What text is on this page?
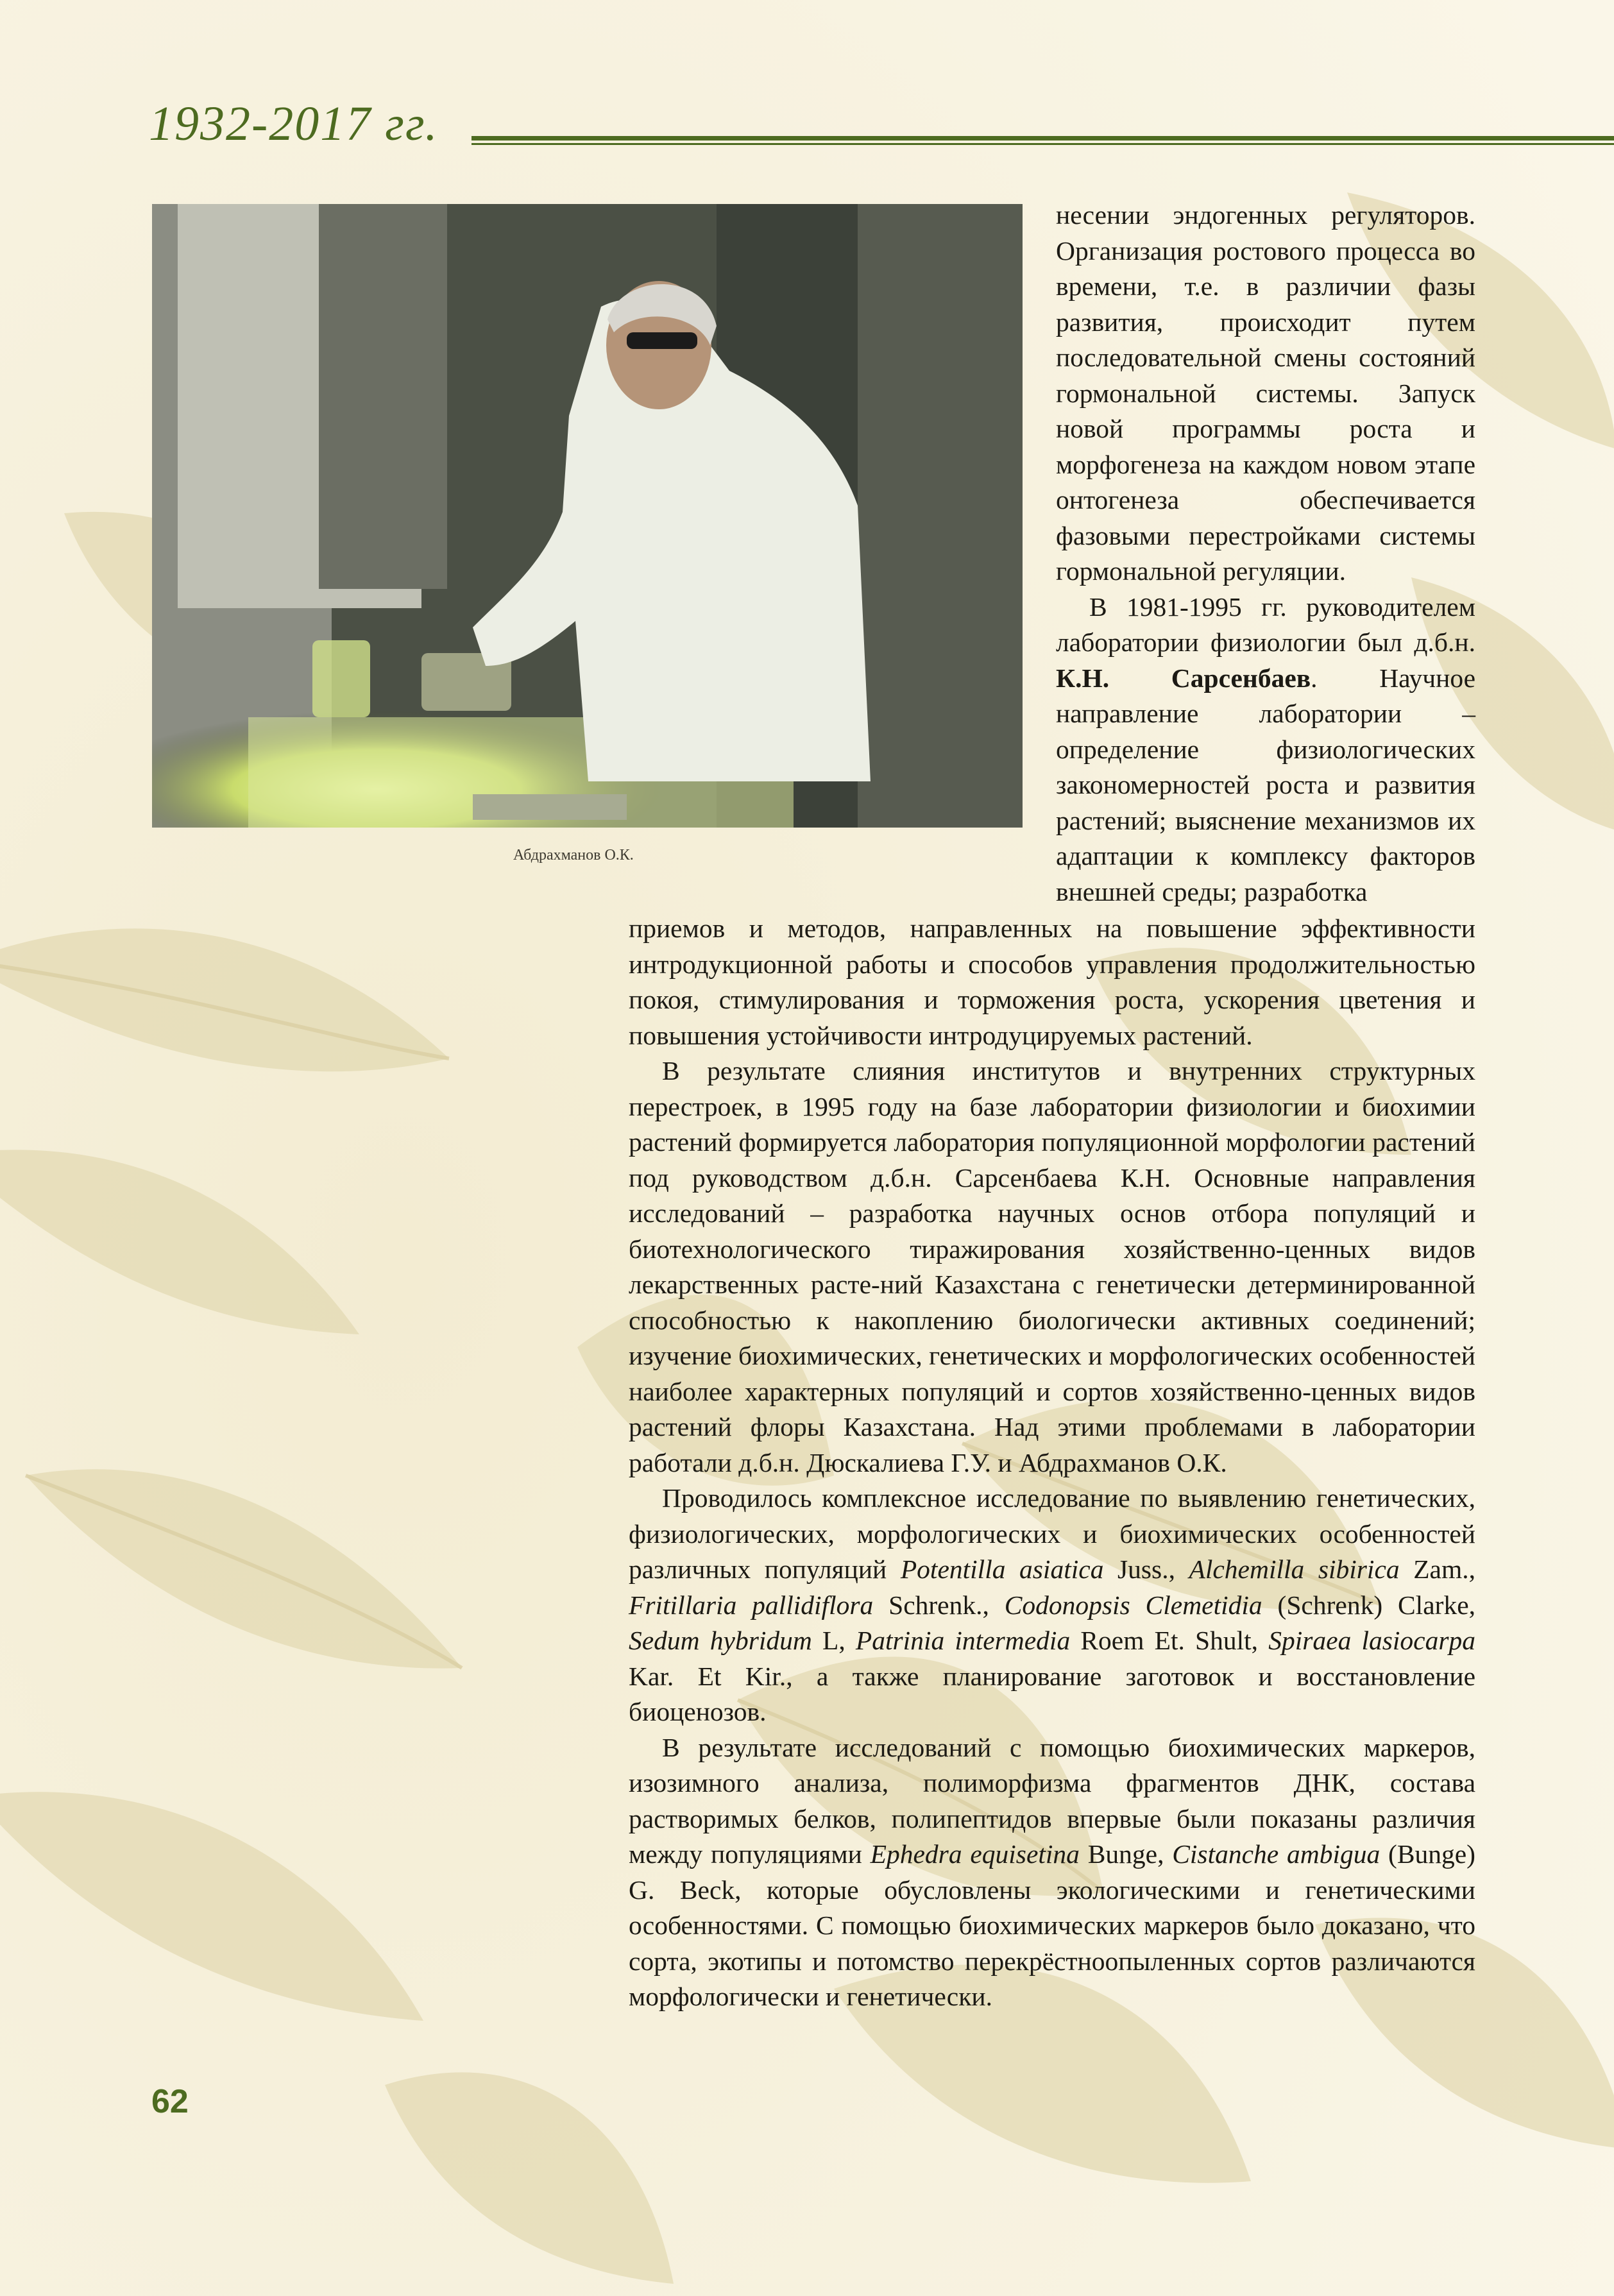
1932-2017 гг.
Абдрахманов О.К.

несении эндогенных регуляторов. Организация ростового процесса во времени, т.е. в различии фазы развития, происходит путем последовательной смены состояний гормональной системы. Запуск новой программы роста и морфогенеза на каждом новом этапе онтогенеза обеспечивается фазовыми перестройками системы гормональной регуляции.

В 1981-1995 гг. руководителем лаборатории физиологии был д.б.н. К.Н. Сарсенбаев. Научное направление лаборатории – определение физиологических закономерностей роста и развития растений; выяснение механизмов их адаптации к комплексу факторов внешней среды; разработка

приемов и методов, направленных на повышение эффективности интродукционной работы и способов управления продолжительностью покоя, стимулирования и торможения роста, ускорения цветения и повышения устойчивости интродуцируемых растений.

В результате слияния институтов и внутренних структурных перестроек, в 1995 году на базе лаборатории физиологии и биохимии растений формируется лаборатория популяционной морфологии растений под руководством д.б.н. Сарсенбаева К.Н. Основные направления исследований – разработка научных основ отбора популяций и биотехнологического тиражирования хозяйственно-ценных видов лекарственных расте-ний Казахстана с генетически детерминированной способностью к накоплению биологически активных соединений; изучение биохимических, генетических и морфологических особенностей наиболее характерных популяций и сортов хозяйственно-ценных видов растений флоры Казахстана. Над этими проблемами в лаборатории работали д.б.н. Дюскалиева Г.У. и Абдрахманов О.К.

Проводилось комплексное исследование по выявлению генетических, физиологических, морфологических и биохимических особенностей различных популяций Potentilla asiatica Juss., Alchemilla sibirica Zam., Fritillaria pallidiflora Schrenk., Codonopsis Clemetidia (Schrenk) Clarke, Sedum hybridum L, Patrinia intermedia Roem Et. Shult, Spiraea lasiocarpa Kar. Et Kir., а также планирование заготовок и восстановление биоценозов.

В результате исследований с помощью биохимических маркеров, изозимного анализа, полиморфизма фрагментов ДНК, состава растворимых белков, полипептидов впервые были показаны различия между популяциями Ephedra equisetina Bunge, Cistanche ambigua (Bunge) G. Beck, которые обусловлены экологическими и генетическими особенностями. С помощью биохимических маркеров было доказано, что сорта, экотипы и потомство перекрёстноопыленных сортов различаются морфологически и генетически.

62
